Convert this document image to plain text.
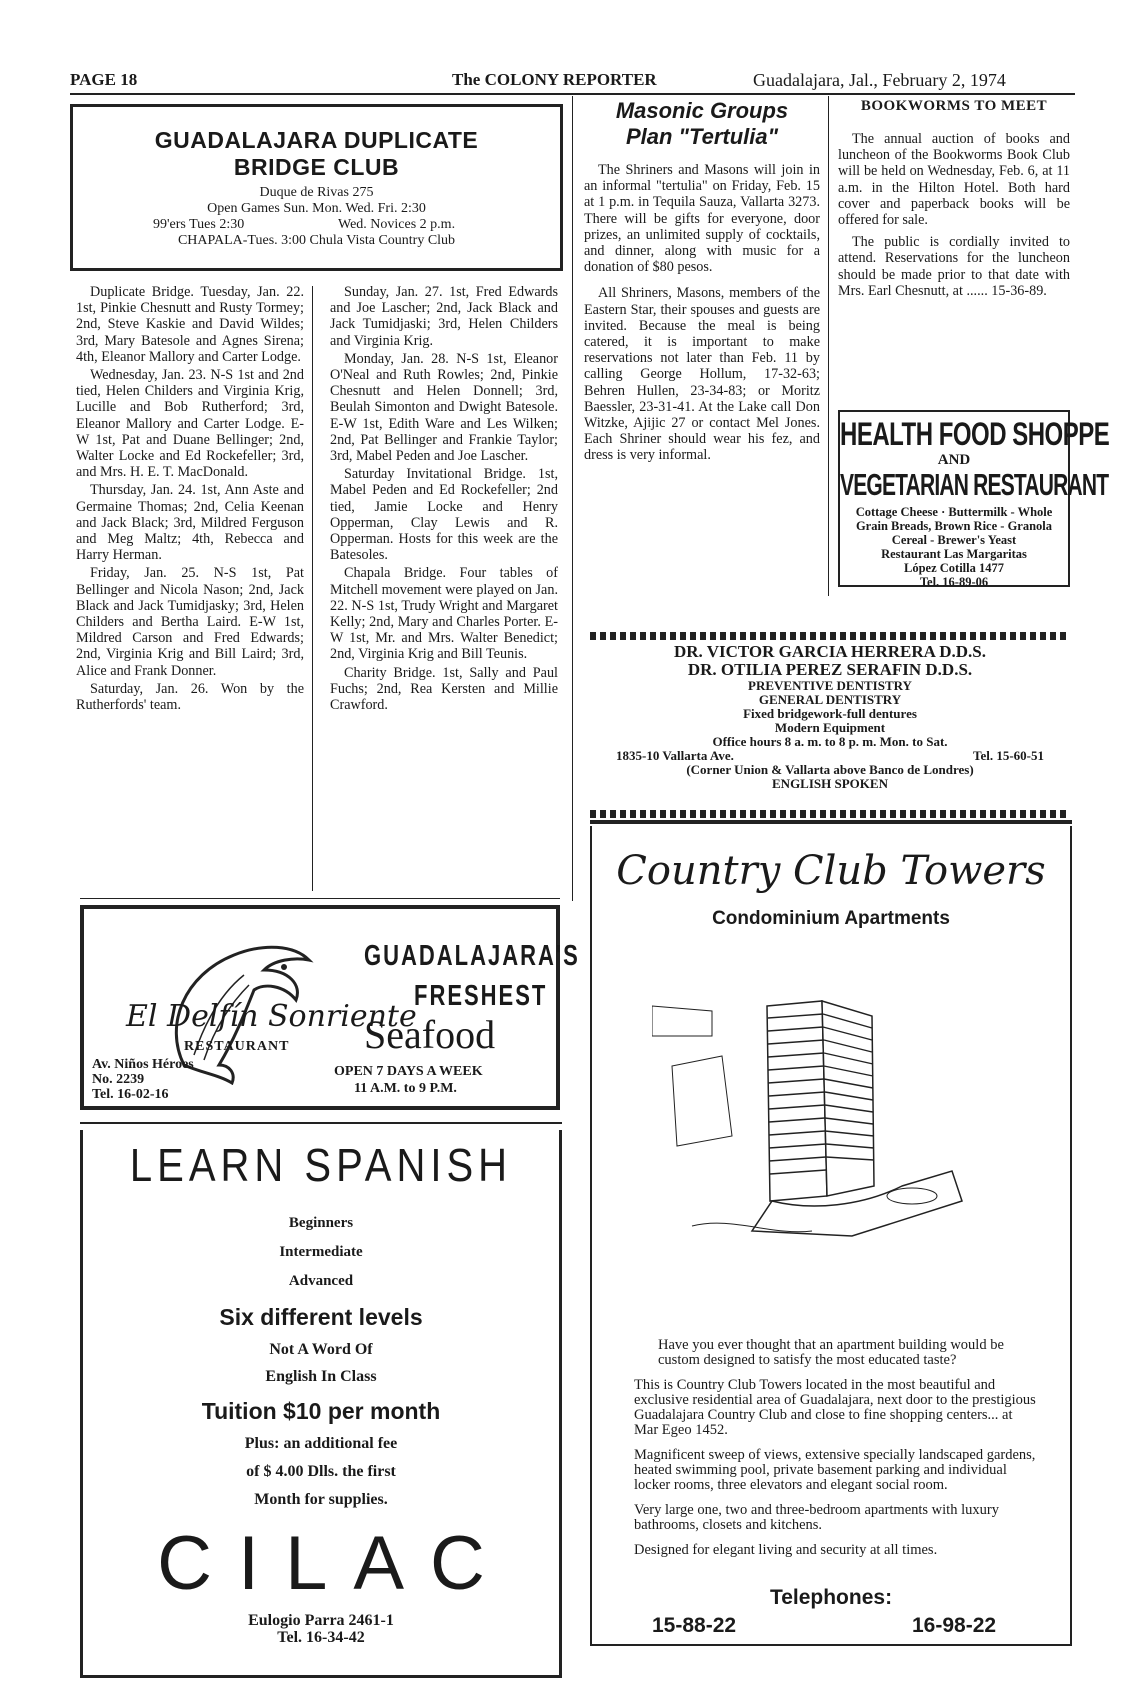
PAGE 18	The COLONY REPORTER	Guadalajara, Jal., February 2, 1974
GUADALAJARA DUPLICATE
BRIDGE CLUB
Duque de Rivas 275
Open Games Sun. Mon. Wed. Fri. 2:30
99'ers Tues 2:30	Wed. Novices 2 p.m.
CHAPALA-Tues. 3:00 Chula Vista Country Club

Duplicate Bridge. Tuesday, Jan. 22. 1st, Pinkie Chesnutt and Rusty Tormey; 2nd, Steve Kaskie and David Wildes; 3rd, Mary Batesole and Agnes Sirena; 4th, Eleanor Mallory and Carter Lodge.

Wednesday, Jan. 23. N-S 1st and 2nd tied, Helen Childers and Virginia Krig, Lucille and Bob Rutherford; 3rd, Eleanor Mallory and Carter Lodge. E-W 1st, Pat and Duane Bellinger; 2nd, Walter Locke and Ed Rockefeller; 3rd, and Mrs. H. E. T. MacDonald.

Thursday, Jan. 24. 1st, Ann Aste and Germaine Thomas; 2nd, Celia Keenan and Jack Black; 3rd, Mildred Ferguson and Meg Maltz; 4th, Rebecca and Harry Herman.

Friday, Jan. 25. N-S 1st, Pat Bellinger and Nicola Nason; 2nd, Jack Black and Jack Tumidjasky; 3rd, Helen Childers and Bertha Laird. E-W 1st, Mildred Carson and Fred Edwards; 2nd, Virginia Krig and Bill Laird; 3rd, Alice and Frank Donner.

Saturday, Jan. 26. Won by the Rutherfords' team.

Sunday, Jan. 27. 1st, Fred Edwards and Joe Lascher; 2nd, Jack Black and Jack Tumidjaski; 3rd, Helen Childers and Virginia Krig.

Monday, Jan. 28. N-S 1st, Eleanor O'Neal and Ruth Rowles; 2nd, Pinkie Chesnutt and Helen Donnell; 3rd, Beulah Simonton and Dwight Batesole. E-W 1st, Edith Ware and Les Wilken; 2nd, Pat Bellinger and Frankie Taylor; 3rd, Mabel Peden and Joe Lascher.

Saturday Invitational Bridge. 1st, Mabel Peden and Ed Rockefeller; 2nd tied, Jamie Locke and Henry Opperman, Clay Lewis and R. Opperman. Hosts for this week are the Batesoles.

Chapala Bridge. Four tables of Mitchell movement were played on Jan. 22. N-S 1st, Trudy Wright and Margaret Kelly; 2nd, Mary and Charles Porter. E-W 1st, Mr. and Mrs. Walter Benedict; 2nd, Virginia Krig and Bill Teunis.

Charity Bridge. 1st, Sally and Paul Fuchs; 2nd, Rea Kersten and Millie Crawford.

Masonic Groups
Plan "Tertulia"

The Shriners and Masons will join in an informal "tertulia" on Friday, Feb. 15 at 1 p.m. in Tequila Sauza, Vallarta 3273. There will be gifts for everyone, door prizes, an unlimited supply of cocktails, and dinner, along with music for a donation of $80 pesos.

All Shriners, Masons, members of the Eastern Star, their spouses and guests are invited. Because the meal is being catered, it is important to make reservations not later than Feb. 11 by calling George Hollum, 17-32-63; Behren Hullen, 23-34-83; or Moritz Baessler, 23-31-41. At the Lake call Don Witzke, Ajijic 27 or contact Mel Jones. Each Shriner should wear his fez, and dress is very informal.

BOOKWORMS TO MEET

The annual auction of books and luncheon of the Bookworms Book Club will be held on Wednesday, Feb. 6, at 11 a.m. in the Hilton Hotel. Both hard cover and paperback books will be offered for sale.

The public is cordially invited to attend. Reservations for the luncheon should be made prior to that date with Mrs. Earl Chesnutt, at ...... 15-36-89.

HEALTH FOOD SHOPPE
AND
VEGETARIAN RESTAURANT
Cottage Cheese · Buttermilk - Whole Grain Breads, Brown Rice - Granola Cereal - Brewer's Yeast
Restaurant Las Margaritas
López Cotilla 1477
Tel. 16-89-06
DR. VICTOR GARCIA HERRERA D.D.S.
DR. OTILIA PEREZ SERAFIN D.D.S.
PREVENTIVE DENTISTRY
GENERAL DENTISTRY
Fixed bridgework-full dentures
Modern Equipment
Office hours 8 a. m. to 8 p. m. Mon. to Sat.
1835-10 Vallarta Ave.	Tel. 15-60-51
(Corner Union & Vallarta above Banco de Londres)
ENGLISH SPOKEN
El Delfín Sonriente
RESTAURANT
GUADALAJARA'S
FRESHEST
Seafood
Av. Niños Héroes
No. 2239
Tel. 16-02-16
OPEN 7 DAYS A WEEK
11 A.M. to 9 P.M.
LEARN SPANISH
Beginners
Intermediate
Advanced
Six different levels
Not A Word Of
English In Class
Tuition $10 per month
Plus: an additional fee
of $ 4.00 Dlls. the first
Month for supplies.
CILAC
Eulogio Parra 2461-1
Tel. 16-34-42
Country Club Towers
Condominium Apartments

Have you ever thought that an apartment building would be custom designed to satisfy the most educated taste?

This is Country Club Towers located in the most beautiful and exclusive residential area of Guadalajara, next door to the prestigious Guadalajara Country Club and close to fine shopping centers... at Mar Egeo 1452.

Magnificent sweep of views, extensive specially landscaped gardens, heated swimming pool, private basement parking and individual locker rooms, three elevators and elegant social room.

Very large one, two and three-bedroom apartments with luxury bathrooms, closets and kitchens.

Designed for elegant living and security at all times.

Telephones:
15-88-22	16-98-22
